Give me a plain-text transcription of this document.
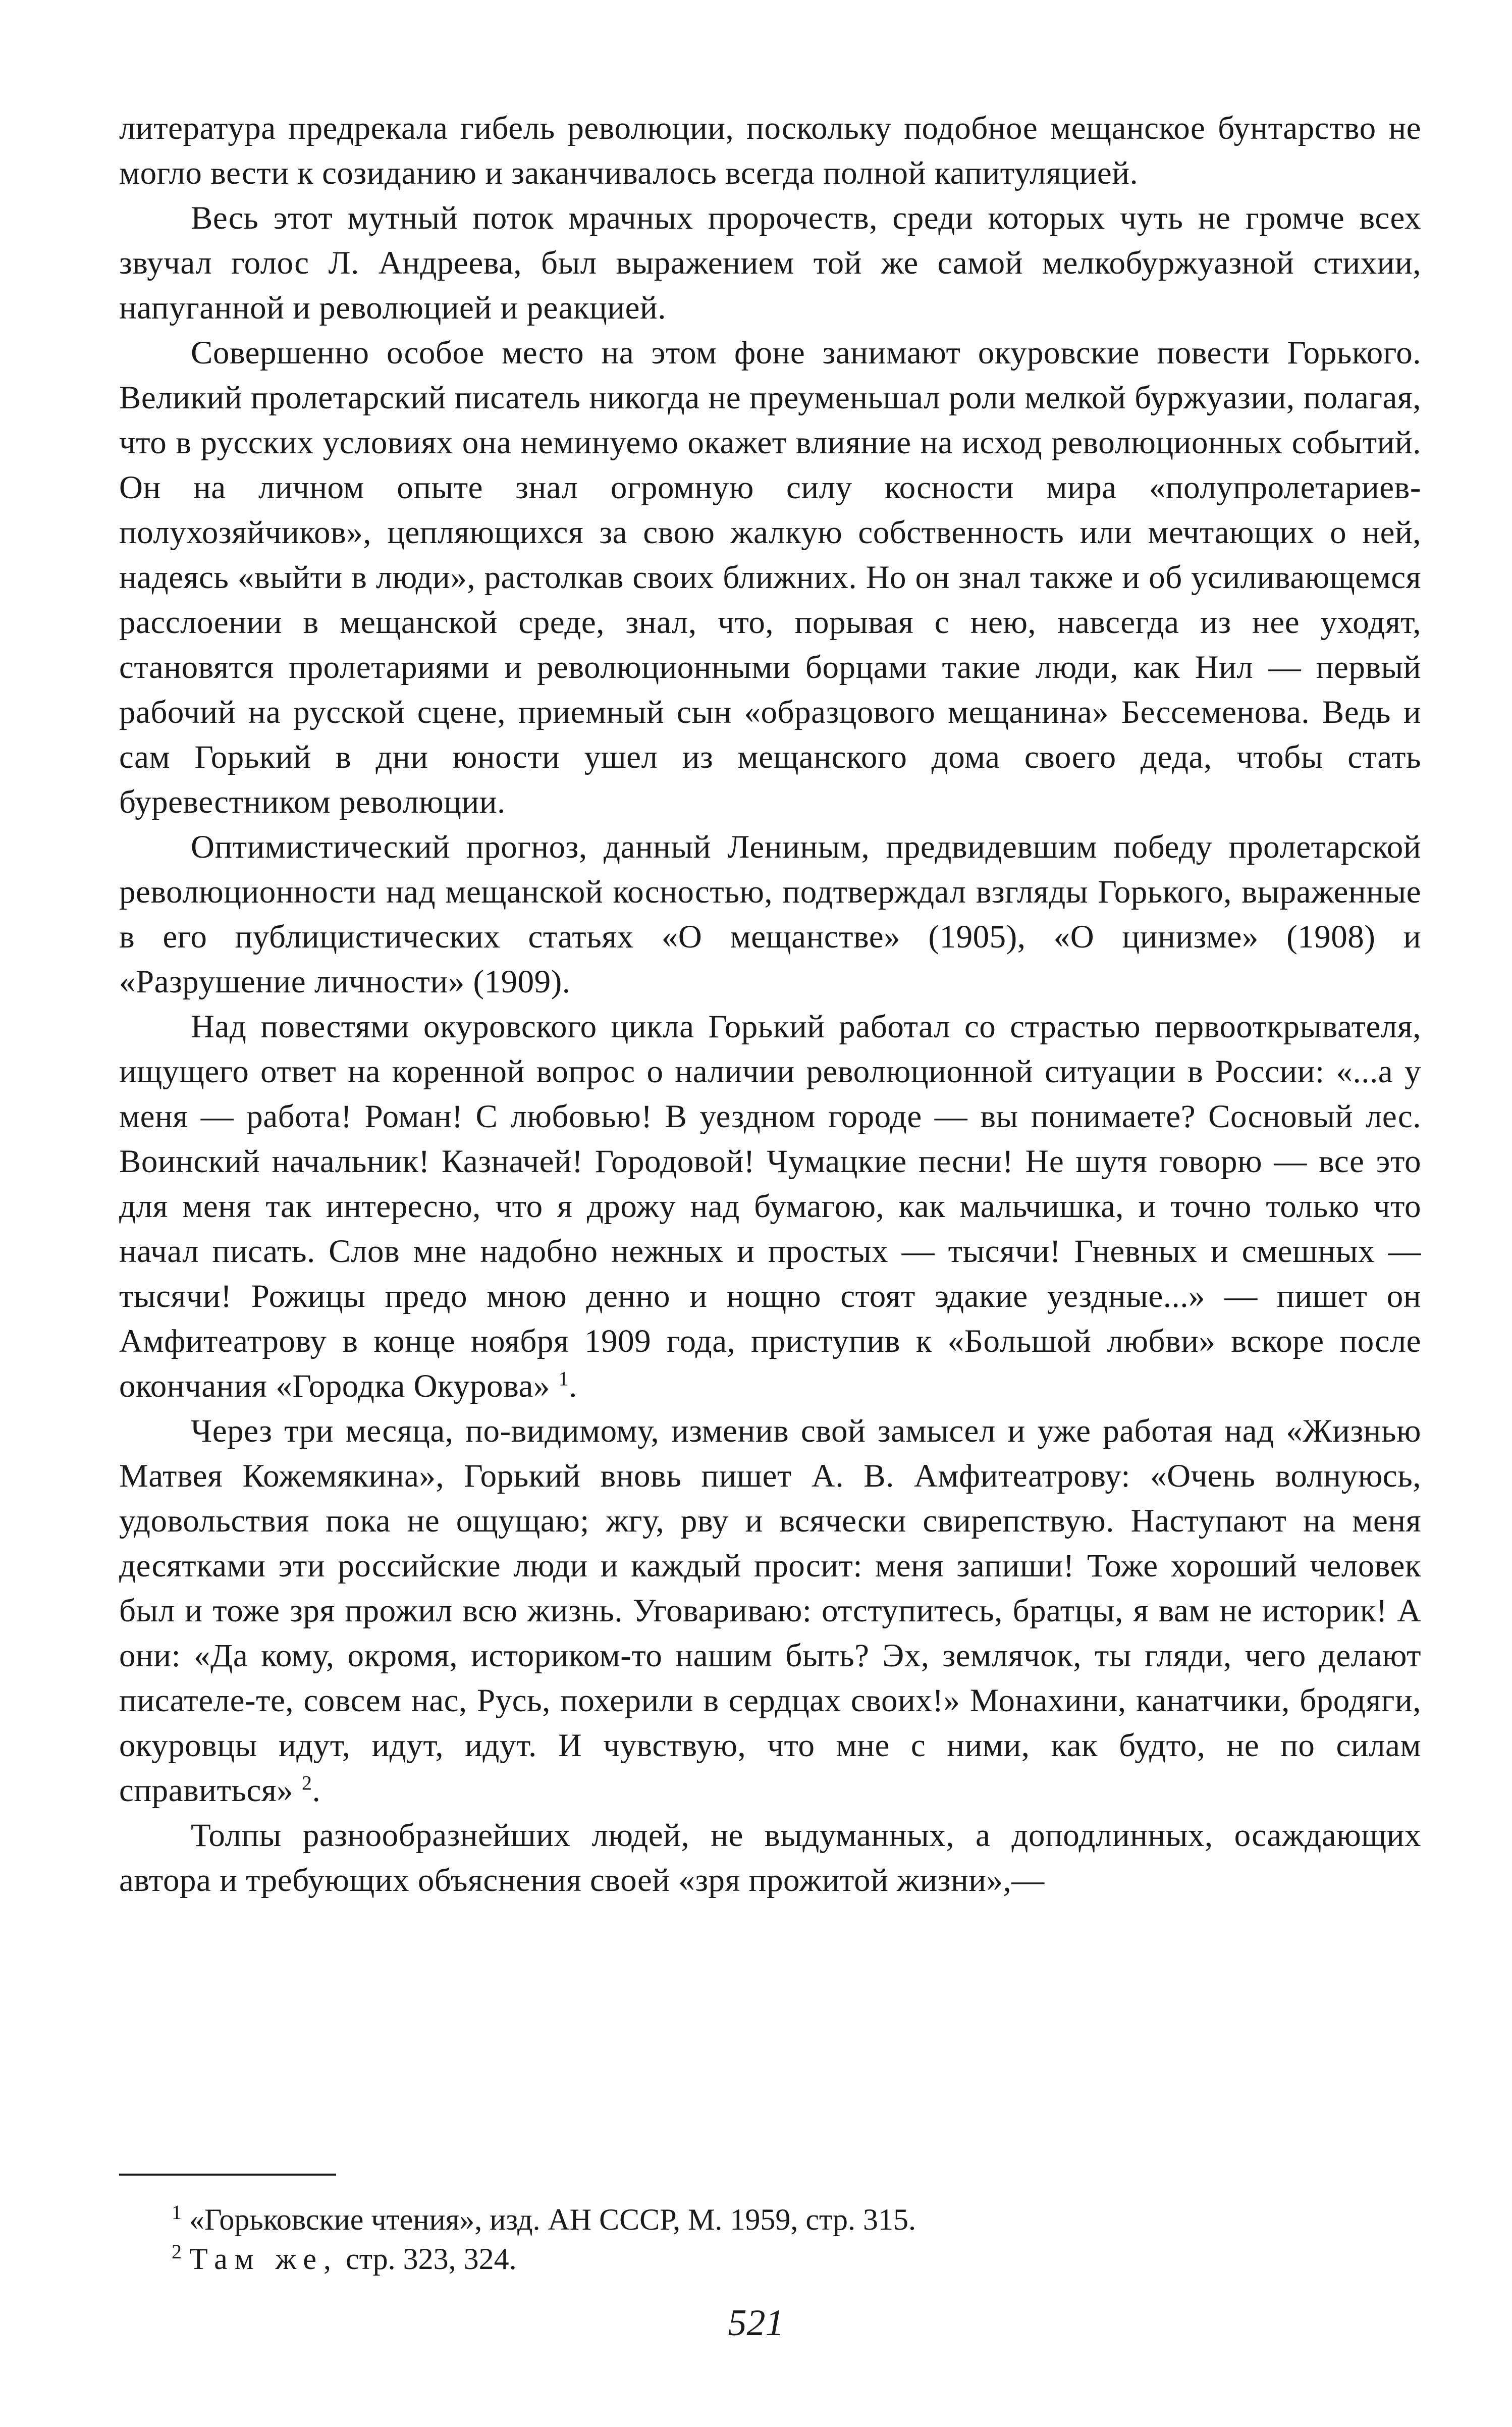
литература предрекала гибель революции, поскольку подобное мещанское бунтарство не могло вести к созиданию и заканчивалось всегда полной капитуляцией.

Весь этот мутный поток мрачных пророчеств, среди которых чуть не громче всех звучал голос Л. Андреева, был выражением той же самой мелкобуржуазной стихии, напуганной и революцией и реакцией.

Совершенно особое место на этом фоне занимают окуровские повести Горького. Великий пролетарский писатель никогда не преуменьшал роли мелкой буржуазии, полагая, что в русских условиях она неминуемо окажет влияние на исход революционных событий. Он на личном опыте знал огромную силу косности мира «полупролетариев-полухозяйчиков», цепляющихся за свою жалкую собственность или мечтающих о ней, надеясь «выйти в люди», растолкав своих ближних. Но он знал также и об усиливающемся расслоении в мещанской среде, знал, что, порывая с нею, навсегда из нее уходят, становятся пролетариями и революционными борцами такие люди, как Нил — первый рабочий на русской сцене, приемный сын «образцового мещанина» Бессеменова. Ведь и сам Горький в дни юности ушел из мещанского дома своего деда, чтобы стать буревестником революции.

Оптимистический прогноз, данный Лениным, предвидевшим победу пролетарской революционности над мещанской косностью, подтверждал взгляды Горького, выраженные в его публицистических статьях «О мещанстве» (1905), «О цинизме» (1908) и «Разрушение личности» (1909).

Над повестями окуровского цикла Горький работал со страстью первооткрывателя, ищущего ответ на коренной вопрос о наличии революционной ситуации в России: «...а у меня — работа! Роман! С любовью! В уездном городе — вы понимаете? Сосновый лес. Воинский начальник! Казначей! Городовой! Чумацкие песни! Не шутя говорю — все это для меня так интересно, что я дрожу над бумагою, как мальчишка, и точно только что начал писать. Слов мне надобно нежных и простых — тысячи! Гневных и смешных — тысячи! Рожицы предо мною денно и нощно стоят эдакие уездные...» — пишет он Амфитеатрову в конце ноября 1909 года, приступив к «Большой любви» вскоре после окончания «Городка Окурова» $^1$.

Через три месяца, по-видимому, изменив свой замысел и уже работая над «Жизнью Матвея Кожемякина», Горький вновь пишет А. В. Амфитеатрову: «Очень волнуюсь, удовольствия пока не ощущаю; жгу, рву и всячески свирепствую. Наступают на меня десятками эти российские люди и каждый просит: меня запиши! Тоже хороший человек был и тоже зря прожил всю жизнь. Уговариваю: отступитесь, братцы, я вам не историк! А они: «Да кому, окромя, историком-то нашим быть? Эх, землячок, ты гляди, чего делают писателе-те, совсем нас, Русь, похерили в сердцах своих!» Монахини, канатчики, бродяги, окуровцы идут, идут, идут. И чувствую, что мне с ними, как будто, не по силам справиться» $^2$.

Толпы разнообразнейших людей, не выдуманных, а доподлинных, осаждающих автора и требующих объяснения своей «зря прожитой жизни»,—

$^1$ «Горьковские чтения», изд. АН СССР, М. 1959, стр. 315.

$^2$ Там же, стр. 323, 324.

521
